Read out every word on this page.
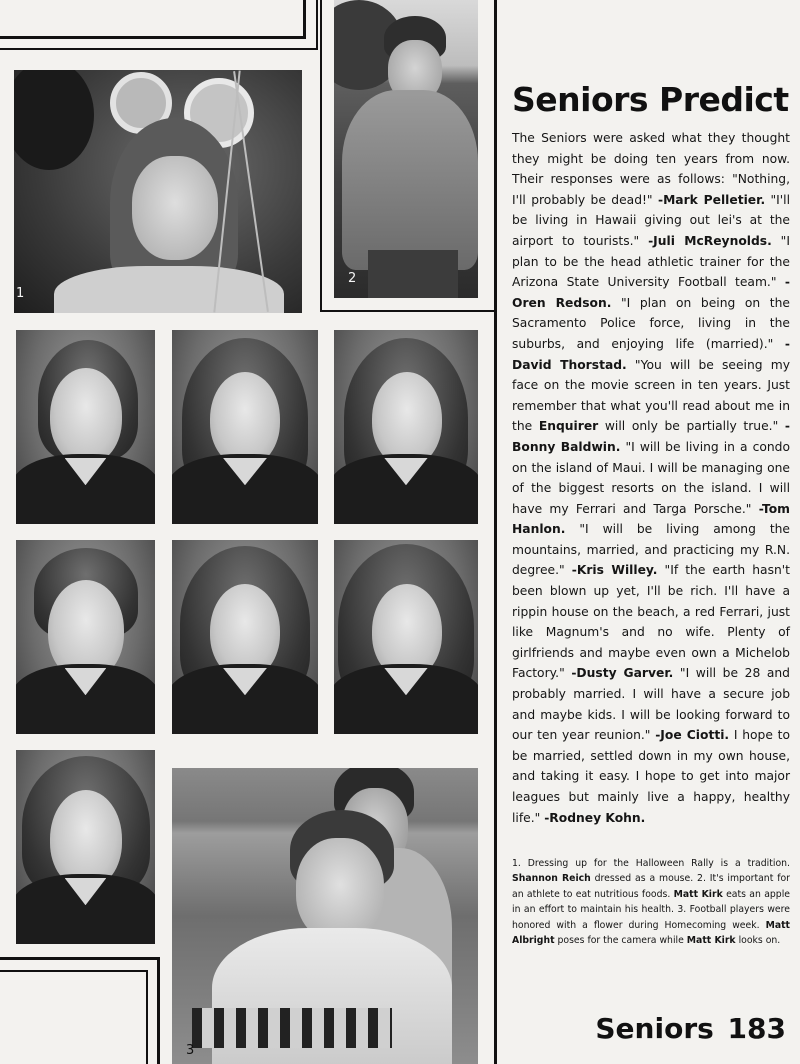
1
2
3
Seniors Predict

The Seniors were asked what they thought they might be doing ten years from now. Their responses were as follows: "Nothing, I'll probably be dead!" -Mark Pelletier. "I'll be living in Hawaii giving out lei's at the airport to tourists." -Juli McReynolds. "I plan to be the head athletic trainer for the Arizona State University Football team." -Oren Redson. "I plan on being on the Sacramento Police force, living in the suburbs, and enjoying life (married)." -David Thorstad. "You will be seeing my face on the movie screen in ten years. Just remember that what you'll read about me in the Enquirer will only be partially true." -Bonny Baldwin. "I will be living in a condo on the island of Maui. I will be managing one of the biggest resorts on the island. I will have my Ferrari and Targa Porsche." -Tom Hanlon. "I will be living among the mountains, married, and practicing my R.N. degree." -Kris Willey. "If the earth hasn't been blown up yet, I'll be rich. I'll have a rippin house on the beach, a red Ferrari, just like Magnum's and no wife. Plenty of girlfriends and maybe even own a Michelob Factory." -Dusty Garver. "I will be 28 and probably married. I will have a secure job and maybe kids. I will be looking forward to our ten year reunion." -Joe Ciotti. I hope to be married, settled down in my own house, and taking it easy. I hope to get into major leagues but mainly live a happy, healthy life." -Rodney Kohn.

1. Dressing up for the Halloween Rally is a tradition. Shannon Reich dressed as a mouse. 2. It's important for an athlete to eat nutritious foods. Matt Kirk eats an apple in an effort to maintain his health. 3. Football players were honored with a flower during Homecoming week. Matt Albright poses for the camera while Matt Kirk looks on.

Seniors 183
